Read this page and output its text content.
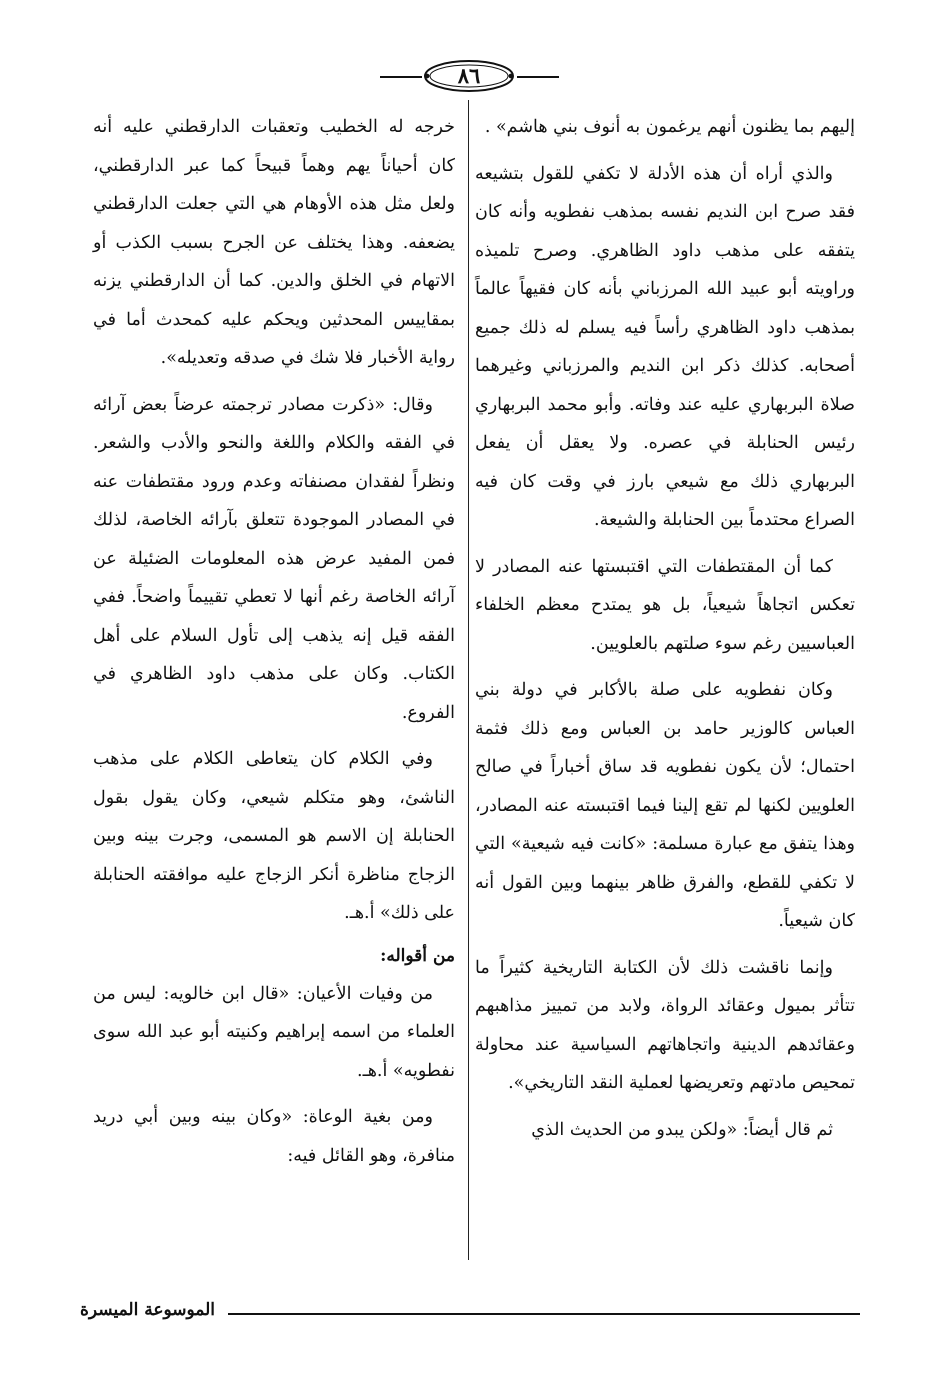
٨٦

إليهم بما يظنون أنهم يرغمون به أنوف بني هاشم» .

والذي أراه أن هذه الأدلة لا تكفي للقول بتشيعه فقد صرح ابن النديم نفسه بمذهب نفطويه وأنه كان يتفقه على مذهب داود الظاهري. وصرح تلميذه وراويته أبو عبيد الله المرزباني بأنه كان فقيهاً عالماً بمذهب داود الظاهري رأساً فيه يسلم له ذلك جميع أصحابه. كذلك ذكر ابن النديم والمرزباني وغيرهما صلاة البربهاري عليه عند وفاته. وأبو محمد البربهاري رئيس الحنابلة في عصره. ولا يعقل أن يفعل البربهاري ذلك مع شيعي بارز في وقت كان فيه الصراع محتدماً بين الحنابلة والشيعة.

كما أن المقتطفات التي اقتبستها عنه المصادر لا تعكس اتجاهاً شيعياً، بل هو يمتدح معظم الخلفاء العباسيين رغم سوء صلتهم بالعلويين.

وكان نفطويه على صلة بالأكابر في دولة بني العباس كالوزير حامد بن العباس ومع ذلك فثمة احتمال؛ لأن يكون نفطويه قد ساق أخباراً في صالح العلويين لكنها لم تقع إلينا فيما اقتبسته عنه المصادر، وهذا يتفق مع عبارة مسلمة: «كانت فيه شيعية» التي لا تكفي للقطع، والفرق ظاهر بينهما وبين القول أنه كان شيعياً.

وإنما ناقشت ذلك لأن الكتابة التاريخية كثيراً ما تتأثر بميول وعقائد الرواة، ولابد من تمييز مذاهبهم وعقائدهم الدينية واتجاهاتهم السياسية عند محاولة تمحيص مادتهم وتعريضها لعملية النقد التاريخي».

ثم قال أيضاً: «ولكن يبدو من الحديث الذي

خرجه له الخطيب وتعقبات الدارقطني عليه أنه كان أحياناً يهم وهماً قبيحاً كما عبر الدارقطني، ولعل مثل هذه الأوهام هي التي جعلت الدارقطني يضعفه. وهذا يختلف عن الجرح بسبب الكذب أو الاتهام في الخلق والدين. كما أن الدارقطني يزنه بمقاييس المحدثين ويحكم عليه كمحدث أما في رواية الأخبار فلا شك في صدقه وتعديله».

وقال: «ذكرت مصادر ترجمته عرضاً بعض آرائه في الفقه والكلام واللغة والنحو والأدب والشعر. ونظراً لفقدان مصنفاته وعدم ورود مقتطفات عنه في المصادر الموجودة تتعلق بآرائه الخاصة، لذلك فمن المفيد عرض هذه المعلومات الضئيلة عن آرائه الخاصة رغم أنها لا تعطي تقييماً واضحاً. ففي الفقه قيل إنه يذهب إلى تأول السلام على أهل الكتاب. وكان على مذهب داود الظاهري في الفروع.

وفي الكلام كان يتعاطى الكلام على مذهب الناشئ، وهو متكلم شيعي، وكان يقول بقول الحنابلة إن الاسم هو المسمى، وجرت بينه وبين الزجاج مناظرة أنكر الزجاج عليه موافقته الحنابلة على ذلك» أ.هـ.

من أقواله:

من وفيات الأعيان: «قال ابن خالويه: ليس من العلماء من اسمه إبراهيم وكنيته أبو عبد الله سوى نفطويه» أ.هـ.

ومن بغية الوعاة: «وكان بينه وبين أبي دريد منافرة، وهو القائل فيه:

الموسوعة الميسرة
